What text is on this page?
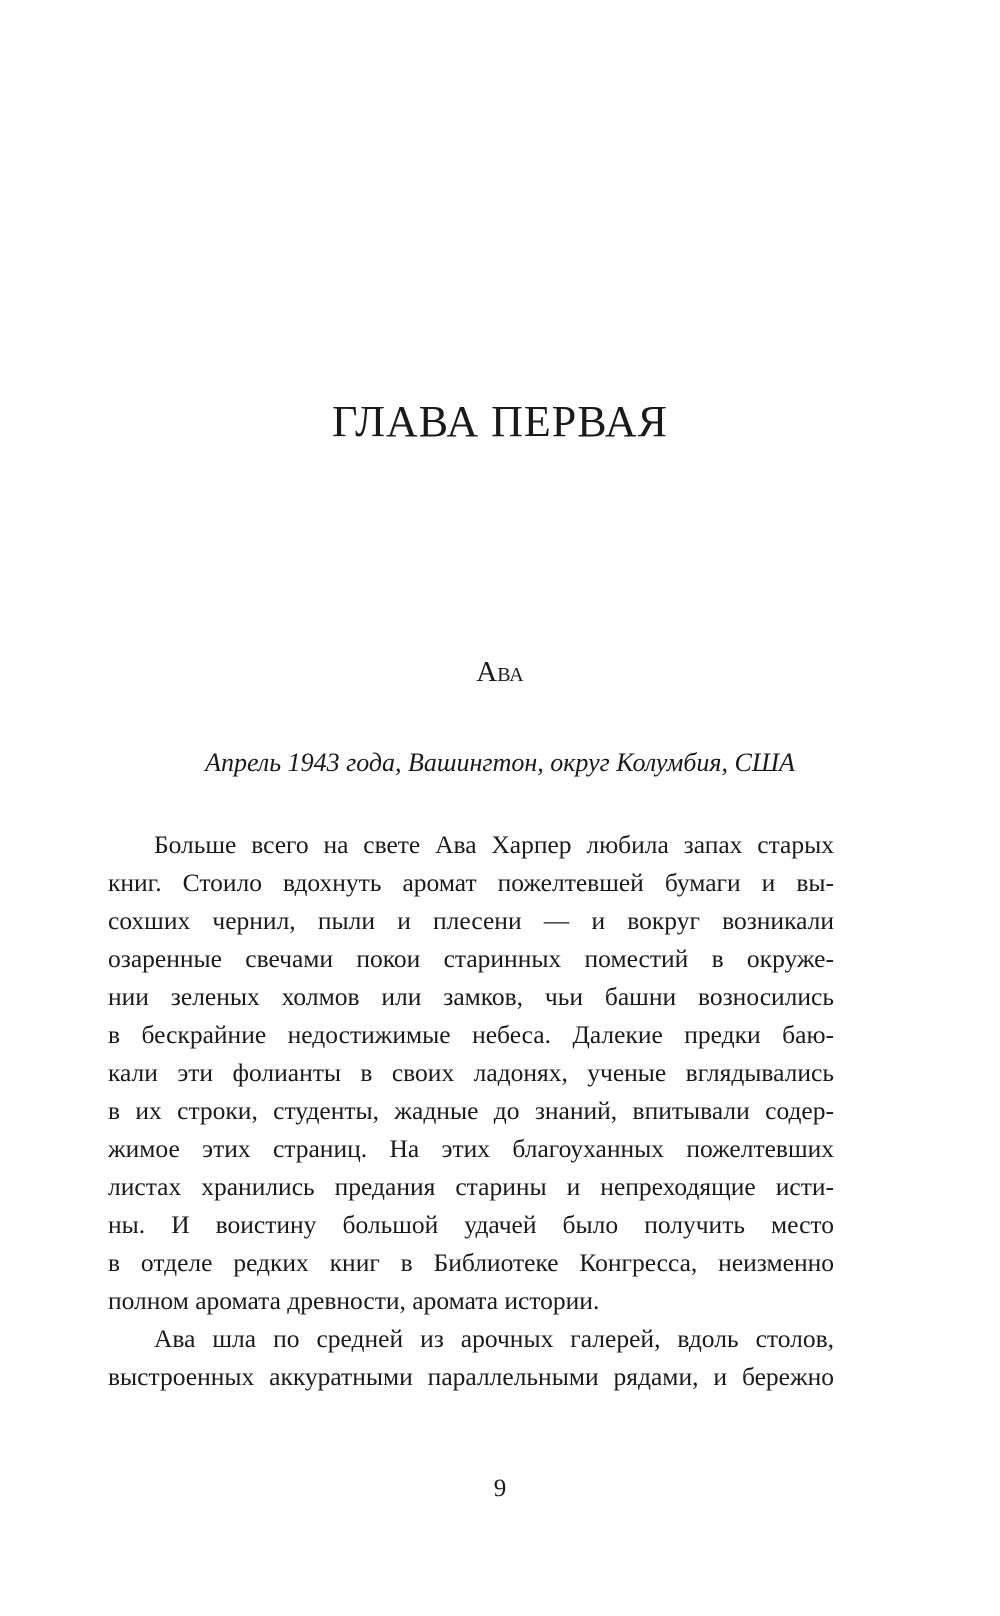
ГЛАВА ПЕРВАЯ
Ава
Апрель 1943 года, Вашингтон, округ Колумбия, США
Больше всего на свете Ава Харпер любила запах старых
книг. Стоило вдохнуть аромат пожелтевшей бумаги и вы-
сохших чернил, пыли и плесени — и вокруг возникали
озаренные свечами покои старинных поместий в окруже-
нии зеленых холмов или замков, чьи башни возносились
в бескрайние недостижимые небеса. Далекие предки баю-
кали эти фолианты в своих ладонях, ученые вглядывались
в их строки, студенты, жадные до знаний, впитывали содер-
жимое этих страниц. На этих благоуханных пожелтевших
листах хранились предания старины и непреходящие исти-
ны. И воистину большой удачей было получить место
в отделе редких книг в Библиотеке Конгресса, неизменно
полном аромата древности, аромата истории.
Ава шла по средней из арочных галерей, вдоль столов,
выстроенных аккуратными параллельными рядами, и бережно
9
